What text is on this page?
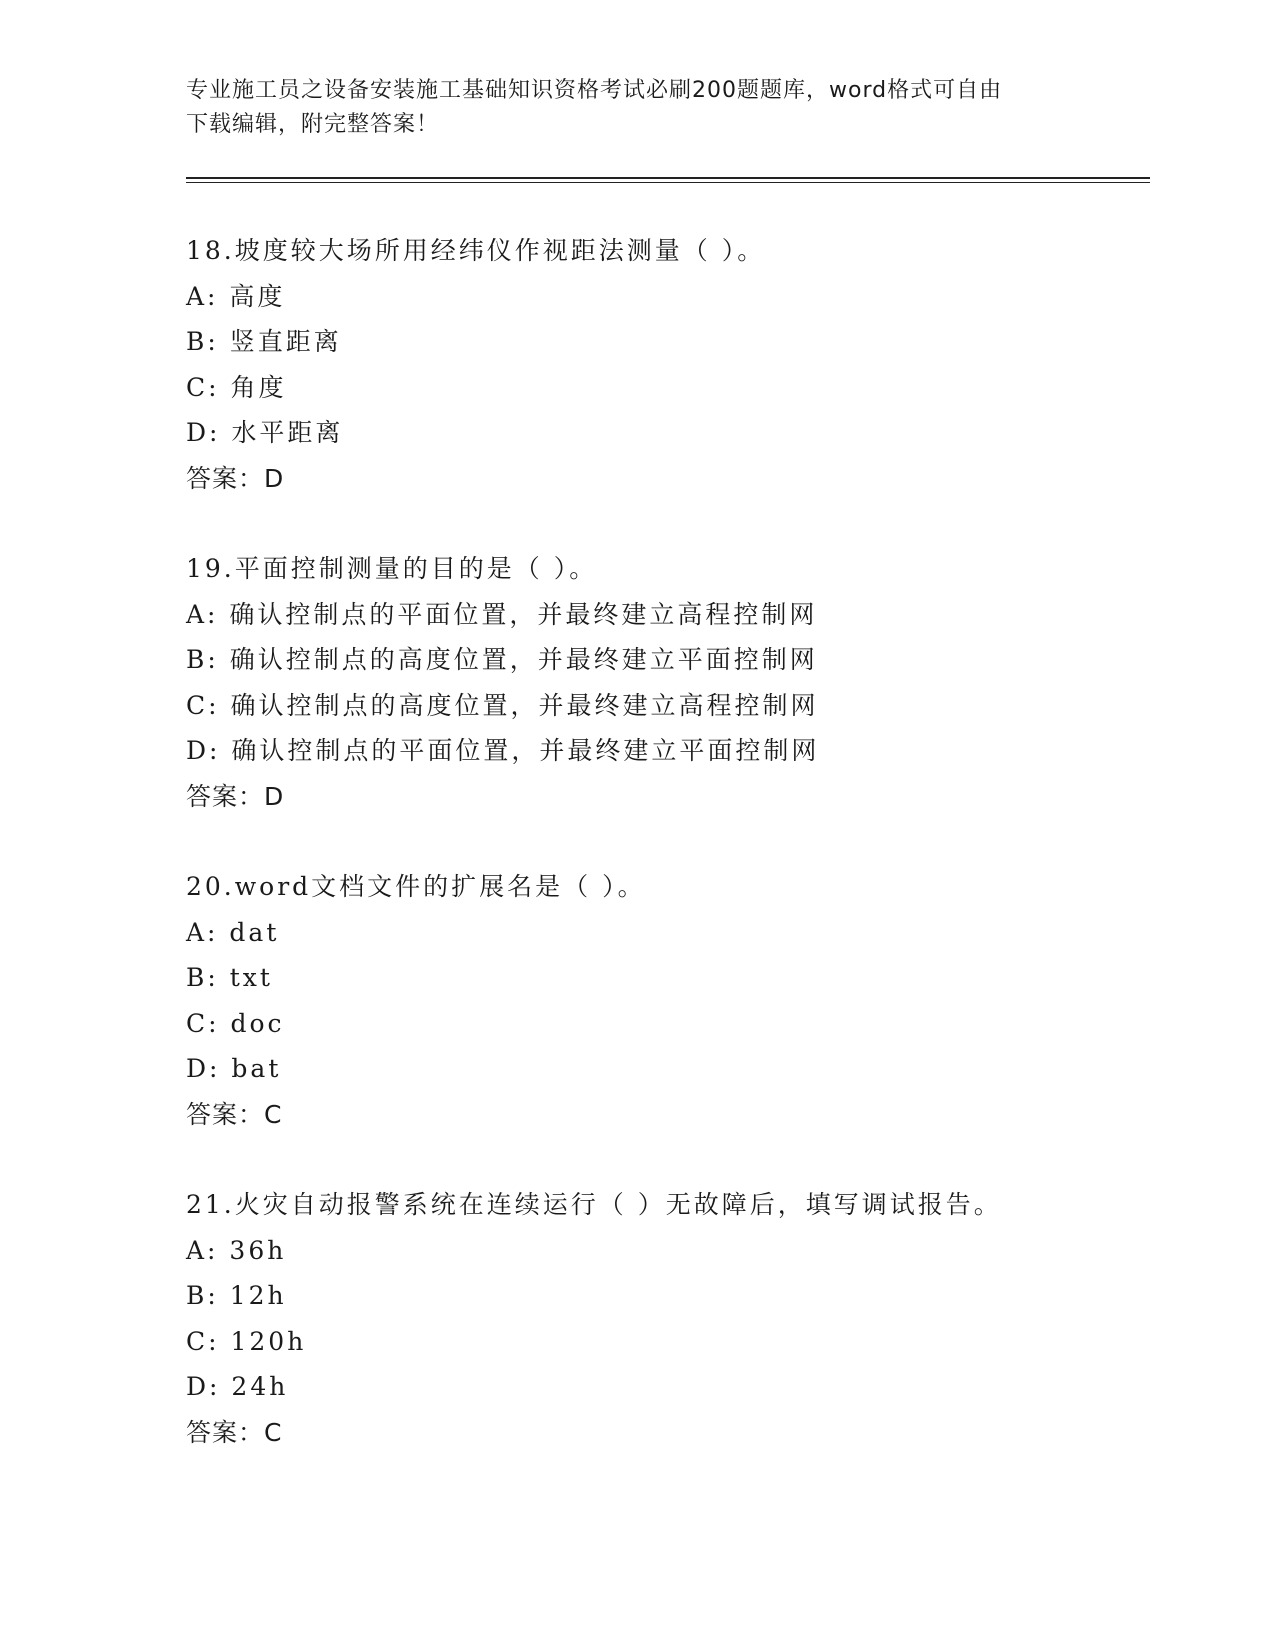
专业施工员之设备安装施工基础知识资格考试必刷200题题库，word格式可自由
下载编辑，附完整答案！
18.坡度较大场所用经纬仪作视距法测量（ ）。
A: 高度
B: 竖直距离
C: 角度
D: 水平距离
答案：D
19.平面控制测量的目的是（ ）。
A: 确认控制点的平面位置，并最终建立高程控制网
B: 确认控制点的高度位置，并最终建立平面控制网
C: 确认控制点的高度位置，并最终建立高程控制网
D: 确认控制点的平面位置，并最终建立平面控制网
答案：D
20.word文档文件的扩展名是（ ）。
A: dat
B: txt
C: doc
D: bat
答案：C
21.火灾自动报警系统在连续运行（ ）无故障后，填写调试报告。
A: 36h
B: 12h
C: 120h
D: 24h
答案：C
